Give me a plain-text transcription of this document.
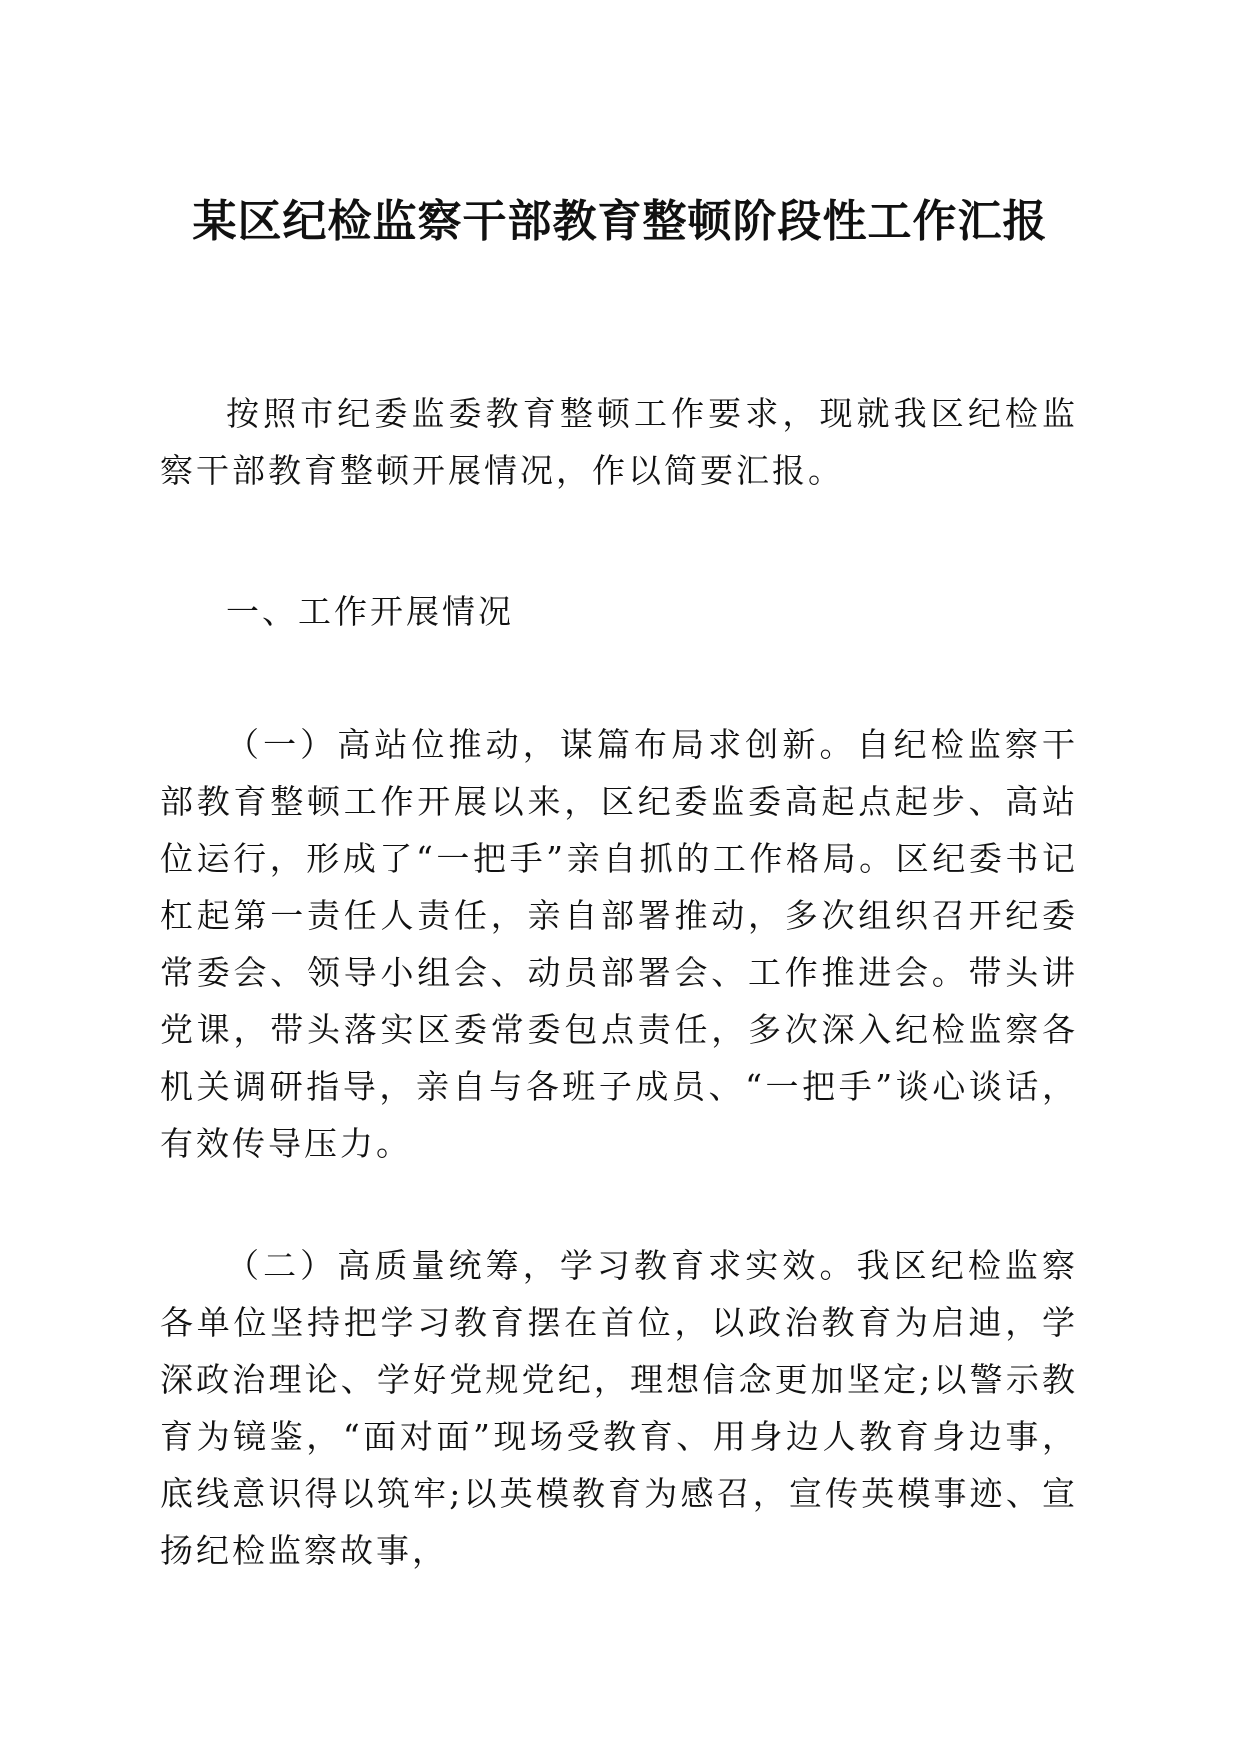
某区纪检监察干部教育整顿阶段性工作汇报

按照市纪委监委教育整顿工作要求，现就我区纪检监察干部教育整顿开展情况，作以简要汇报。

一、工作开展情况

（一）高站位推动，谋篇布局求创新。自纪检监察干部教育整顿工作开展以来，区纪委监委高起点起步、高站位运行，形成了“一把手”亲自抓的工作格局。区纪委书记杠起第一责任人责任，亲自部署推动，多次组织召开纪委常委会、领导小组会、动员部署会、工作推进会。带头讲党课，带头落实区委常委包点责任，多次深入纪检监察各机关调研指导，亲自与各班子成员、“一把手”谈心谈话，有效传导压力。

（二）高质量统筹，学习教育求实效。我区纪检监察各单位坚持把学习教育摆在首位，以政治教育为启迪，学深政治理论、学好党规党纪，理想信念更加坚定;以警示教育为镜鉴，“面对面”现场受教育、用身边人教育身边事，底线意识得以筑牢;以英模教育为感召，宣传英模事迹、宣扬纪检监察故事，
